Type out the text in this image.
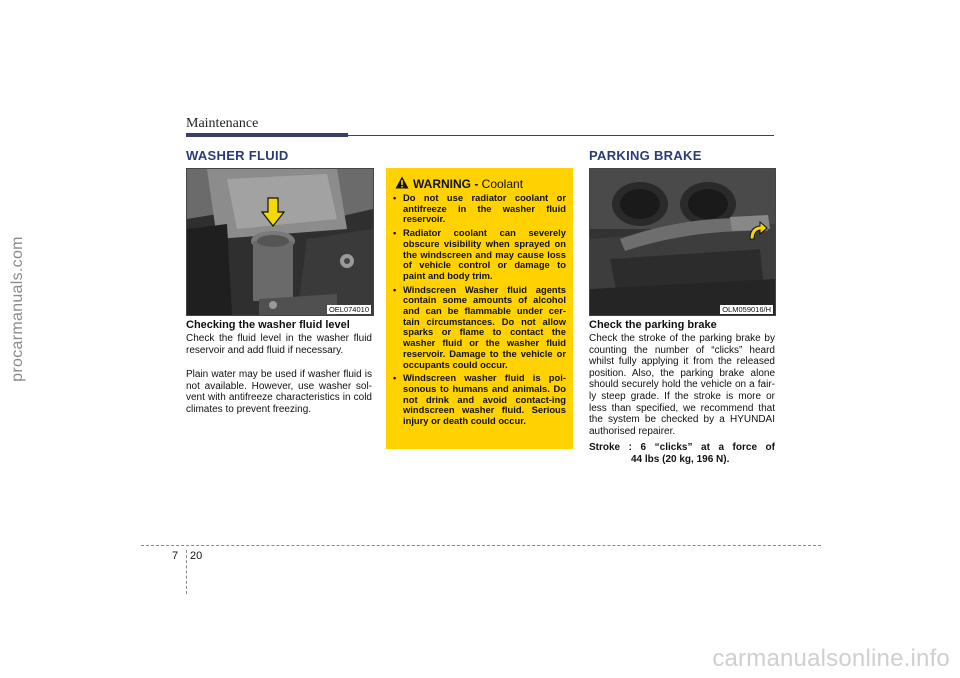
procarmanuals.com
carmanualsonline.info
Maintenance
WASHER FLUID
OEL074010
Checking the washer fluid level
Check the fluid level in the washer fluid reservoir and add fluid if necessary.
Plain water may be used if washer fluid is not available. However, use washer sol-vent with antifreeze characteristics in cold climates to prevent freezing.
WARNING - Coolant
• Do not use radiator coolant or antifreeze in the washer fluid reservoir.
• Radiator coolant can severely obscure visibility when sprayed on the windscreen and may cause loss of vehicle control or damage to paint and body trim.
• Windscreen Washer fluid agents contain some amounts of alcohol and can be flammable under cer-tain circumstances. Do not allow sparks or flame to contact the washer fluid or the washer fluid reservoir. Damage to the vehicle or occupants could occur.
• Windscreen washer fluid is poi-sonous to humans and animals. Do not drink and avoid contact-ing windscreen washer fluid. Serious injury or death could occur.
PARKING BRAKE
OLM059016/H
Check the parking brake
Check the stroke of the parking brake by counting the number of “clicks” heard whilst fully applying it from the released position. Also, the parking brake alone should securely hold the vehicle on a fair-ly steep grade. If the stroke is more or less than specified, we recommend that the system be checked by a HYUNDAI authorised repairer.
Stroke : 6 “clicks” at a force of
44 lbs (20 kg, 196 N).
7 20
